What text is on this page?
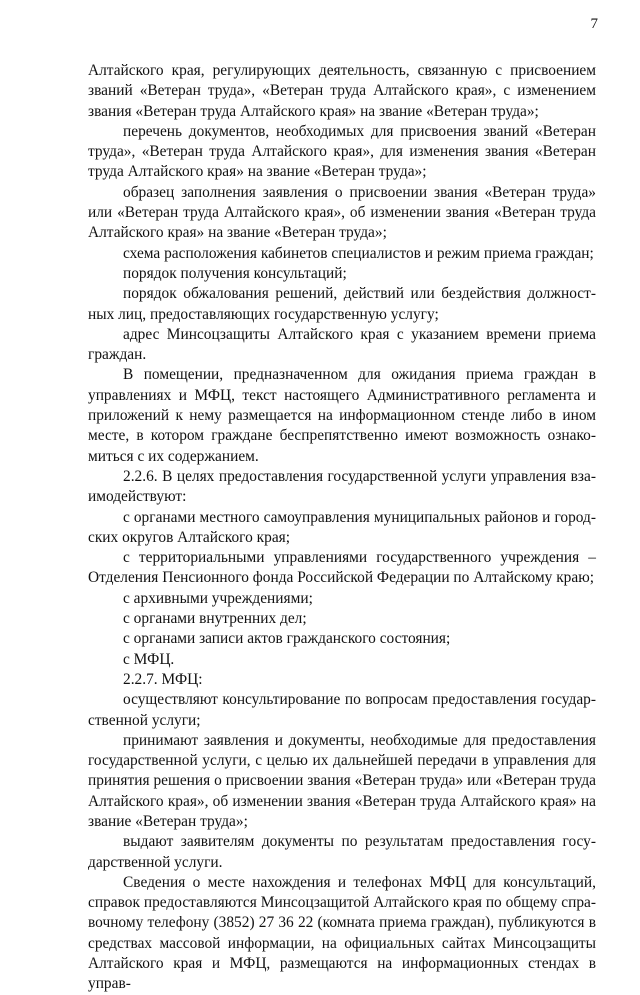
7

Алтайского края, регулирующих деятельность, связанную с присвоением званий «Ветеран труда», «Ветеран труда Алтайского края», с изменением звания «Ветеран труда Алтайского края» на звание «Ветеран труда»;

перечень документов, необходимых для присвоения званий «Ветеран труда», «Ветеран труда Алтайского края», для изменения звания «Ветеран труда Алтайского края» на звание «Ветеран труда»;

образец заполнения заявления о присвоении звания «Ветеран труда» или «Ветеран труда Алтайского края», об изменении звания «Ветеран труда Алтайского края» на звание «Ветеран труда»;

схема расположения кабинетов специалистов и режим приема граждан;

порядок получения консультаций;

порядок обжалования решений, действий или бездействия должностных лиц, предоставляющих государственную услугу;

адрес Минсоцзащиты Алтайского края с указанием времени приема граждан.

В помещении, предназначенном для ожидания приема граждан в управлениях и МФЦ, текст настоящего Административного регламента и приложений к нему размещается на информационном стенде либо в ином месте, в котором граждане беспрепятственно имеют возможность ознакомиться с их содержанием.

2.2.6. В целях предоставления государственной услуги управления взаимодействуют:

с органами местного самоуправления муниципальных районов и городских округов Алтайского края;

с территориальными управлениями государственного учреждения – Отделения Пенсионного фонда Российской Федерации по Алтайскому краю;

с архивными учреждениями;

с органами внутренних дел;

с органами записи актов гражданского состояния;

с МФЦ.

2.2.7. МФЦ:

осуществляют консультирование по вопросам предоставления государственной услуги;

принимают заявления и документы, необходимые для предоставления государственной услуги, с целью их дальнейшей передачи в управления для принятия решения о присвоении звания «Ветеран труда» или «Ветеран труда Алтайского края», об изменении звания «Ветеран труда Алтайского края» на звание «Ветеран труда»;

выдают заявителям документы по результатам предоставления государственной услуги.

Сведения о месте нахождения и телефонах МФЦ для консультаций, справок предоставляются Минсоцзащитой Алтайского края по общему справочному телефону (3852) 27 36 22 (комната приема граждан), публикуются в средствах массовой информации, на официальных сайтах Минсоцзащиты Алтайского края и МФЦ, размещаются на информационных стендах в управ-
